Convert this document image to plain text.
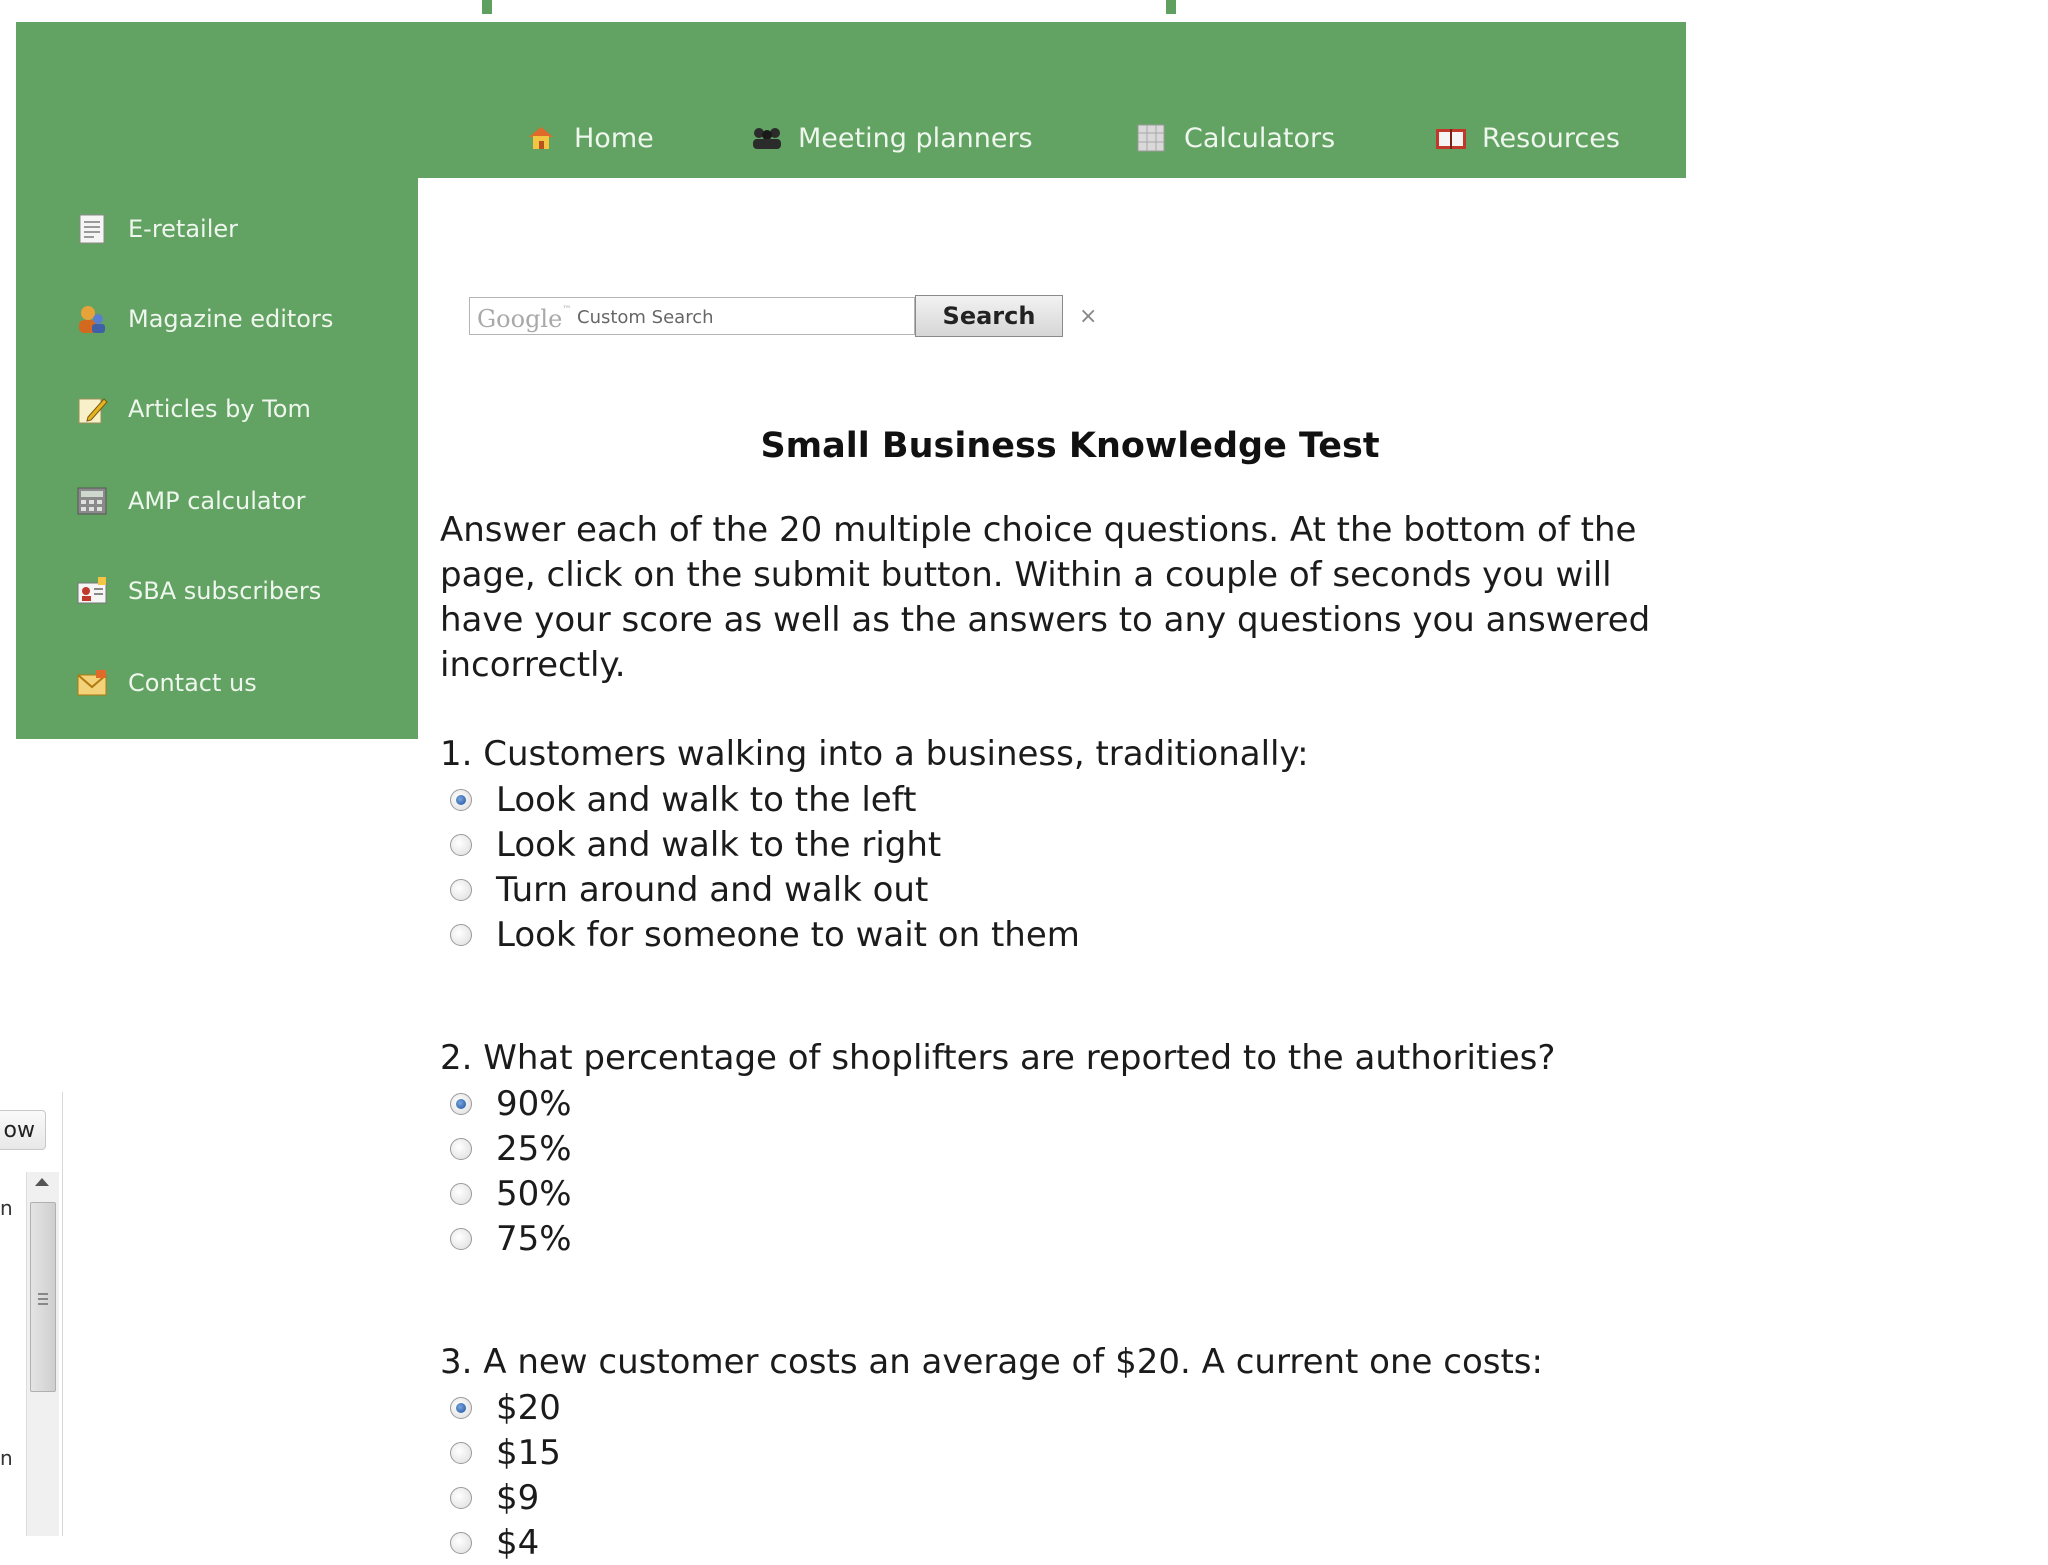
Home	Meeting planners	Calculators	Resources
E-retailer
Magazine editors
Articles by Tom
AMP calculator
SBA subscribers
Contact us
Google™ Custom Search	Search	×
Small Business Knowledge Test
Answer each of the 20 multiple choice questions. At the bottom of the page, click on the submit button. Within a couple of seconds you will have your score as well as the answers to any questions you answered incorrectly.
1. Customers walking into a business, traditionally:
Look and walk to the left
Look and walk to the right
Turn around and walk out
Look for someone to wait on them
2. What percentage of shoplifters are reported to the authorities?
90%
25%
50%
75%
3. A new customer costs an average of $20. A current one costs:
$20
$15
$9
$4
ow
n
n
